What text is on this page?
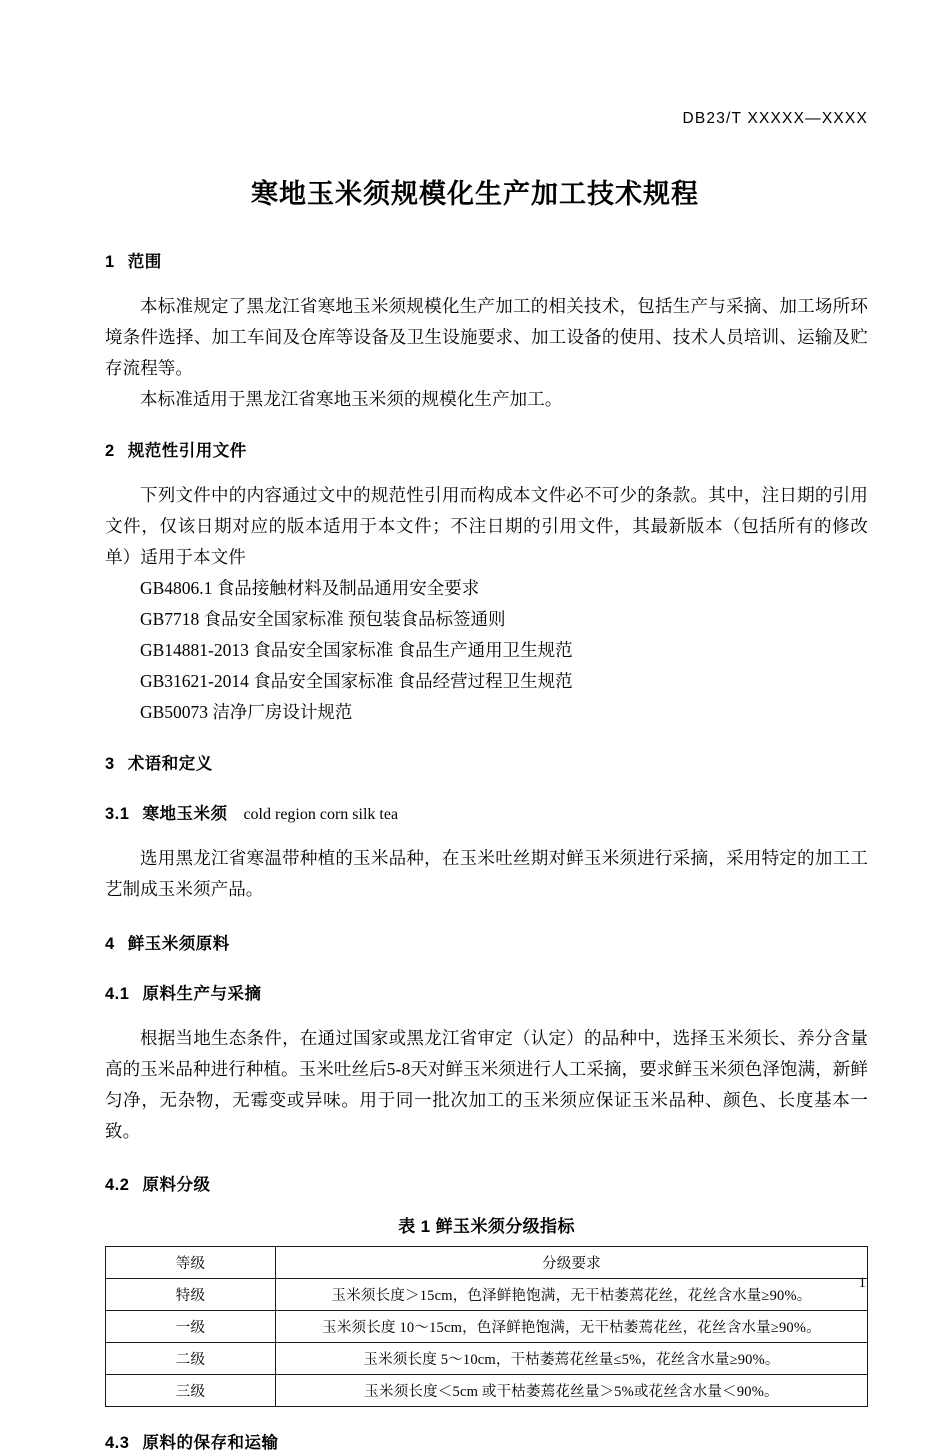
DB23/T XXXXX—XXXX
寒地玉米须规模化生产加工技术规程
1 范围

本标准规定了黑龙江省寒地玉米须规模化生产加工的相关技术，包括生产与采摘、加工场所环境条件选择、加工车间及仓库等设备及卫生设施要求、加工设备的使用、技术人员培训、运输及贮存流程等。

本标准适用于黑龙江省寒地玉米须的规模化生产加工。

2 规范性引用文件

下列文件中的内容通过文中的规范性引用而构成本文件必不可少的条款。其中，注日期的引用文件，仅该日期对应的版本适用于本文件；不注日期的引用文件，其最新版本（包括所有的修改单）适用于本文件

GB4806.1 食品接触材料及制品通用安全要求

GB7718 食品安全国家标准 预包装食品标签通则

GB14881-2013 食品安全国家标准 食品生产通用卫生规范

GB31621-2014 食品安全国家标准 食品经营过程卫生规范

GB50073 洁净厂房设计规范

3 术语和定义
3.1 寒地玉米须 cold region corn silk tea

选用黑龙江省寒温带种植的玉米品种，在玉米吐丝期对鲜玉米须进行采摘，采用特定的加工工艺制成玉米须产品。

4 鲜玉米须原料
4.1 原料生产与采摘

根据当地生态条件，在通过国家或黑龙江省审定（认定）的品种中，选择玉米须长、养分含量高的玉米品种进行种植。玉米吐丝后5-8天对鲜玉米须进行人工采摘，要求鲜玉米须色泽饱满，新鲜匀净，无杂物，无霉变或异味。用于同一批次加工的玉米须应保证玉米品种、颜色、长度基本一致。

4.2 原料分级

表 1 鲜玉米须分级指标

等级	分级要求
特级	玉米须长度＞15cm，色泽鲜艳饱满，无干枯萎蔫花丝，花丝含水量≥90%。
一级	玉米须长度 10～15cm，色泽鲜艳饱满，无干枯萎蔫花丝，花丝含水量≥90%。
二级	玉米须长度 5～10cm，干枯萎蔫花丝量≤5%，花丝含水量≥90%。
三级	玉米须长度＜5cm 或干枯萎蔫花丝量＞5%或花丝含水量＜90%。
4.3 原料的保存和运输
1
